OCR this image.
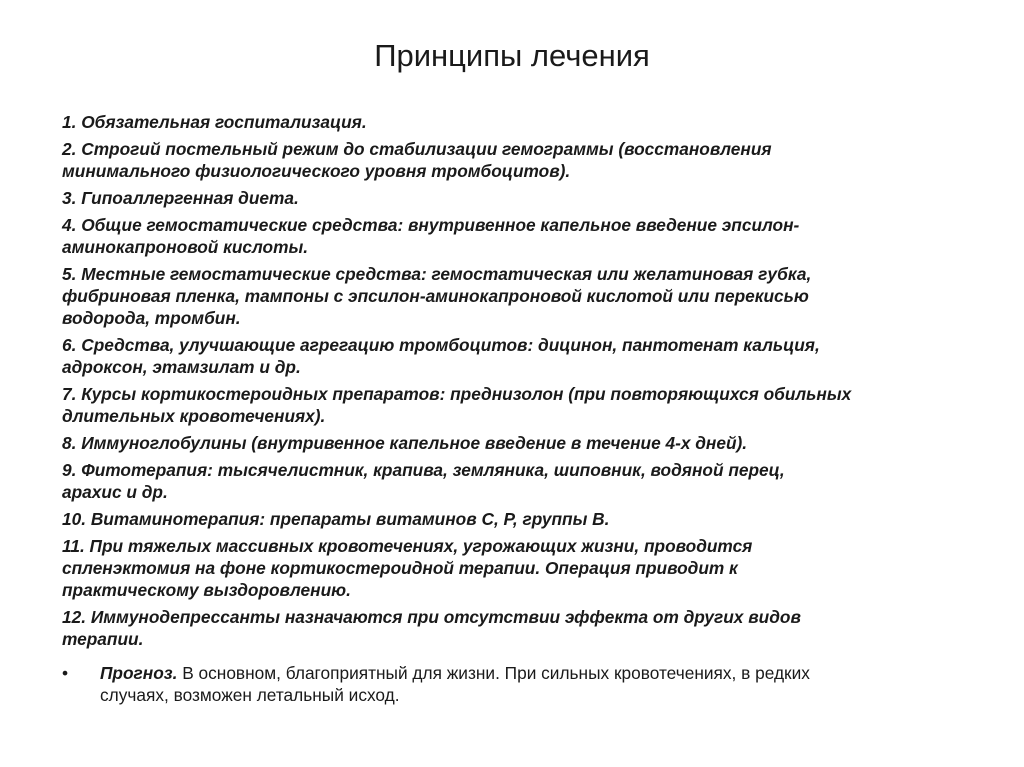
Принципы лечения
1. Обязательная госпитализация.
2. Строгий постельный режим до стабилизации гемограммы (восстановления
минимального физиологического уровня тромбоцитов).
3. Гипоаллергенная диета.
4. Общие гемостатические средства: внутривенное капельное введение эпсилон-
аминокапроновой кислоты.
5. Местные гемостатические средства: гемостатическая или желатиновая губка,
фибриновая пленка, тампоны с эпсилон-аминокапроновой кислотой или перекисью
водорода, тромбин.
6. Средства, улучшающие агрегацию тромбоцитов: дицинон, пантотенат кальция,
адроксон, этамзилат и др.
7. Курсы кортикостероидных препаратов: преднизолон (при повторяющихся обильных
длительных кровотечениях).
8. Иммуноглобулины (внутривенное капельное введение в течение 4-х дней).
9. Фитотерапия: тысячелистник, крапива, земляника, шиповник, водяной перец,
арахис и др.
10. Витаминотерапия: препараты витаминов С, Р, группы В.
11. При тяжелых массивных кровотечениях, угрожающих жизни, проводится
спленэктомия на фоне кортикостероидной терапии. Операция приводит к
практическому выздоровлению.
12. Иммунодепрессанты назначаются при отсутствии эффекта от других видов
терапии.
• Прогноз. В основном, благоприятный для жизни. При сильных кровотечениях, в редких
случаях, возможен летальный исход.
